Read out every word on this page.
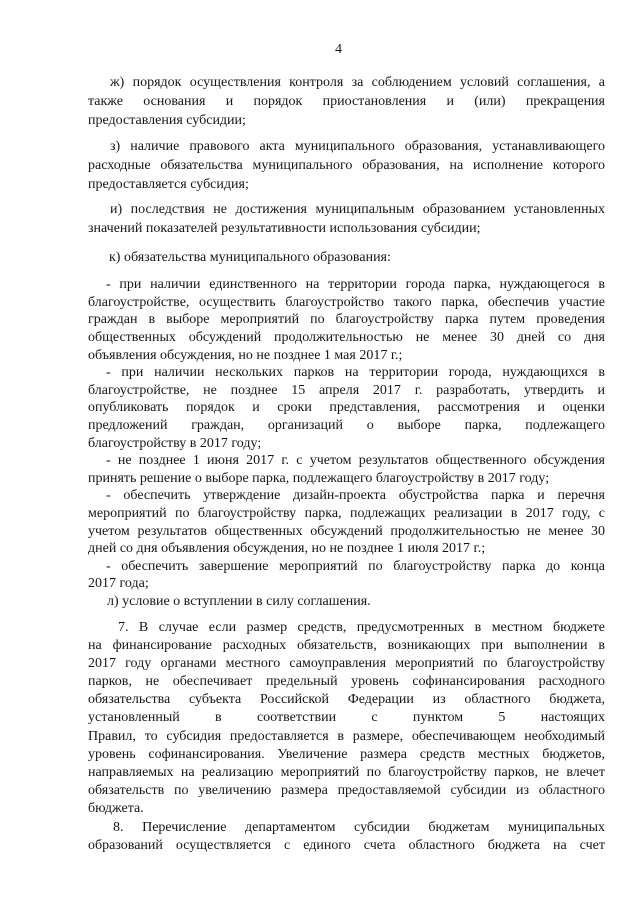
4
ж) порядок осуществления контроля за соблюдением условий соглашения, а
также основания и порядок приостановления и (или) прекращения
предоставления субсидии;
з) наличие правового акта муниципального образования, устанавливающего
расходные обязательства муниципального образования, на исполнение которого
предоставляется субсидия;
и) последствия не достижения муниципальным образованием установленных
значений показателей результативности использования субсидии;
к) обязательства муниципального образования:
- при наличии единственного на территории города парка, нуждающегося в
благоустройстве, осуществить благоустройство такого парка, обеспечив участие
граждан в выборе мероприятий по благоустройству парка путем проведения
общественных обсуждений продолжительностью не менее 30 дней со дня
объявления обсуждения, но не позднее 1 мая 2017 г.;
- при наличии нескольких парков на территории города, нуждающихся в
благоустройстве, не позднее 15 апреля 2017 г. разработать, утвердить и
опубликовать порядок и сроки представления, рассмотрения и оценки
предложений граждан, организаций о выборе парка, подлежащего
благоустройству в 2017 году;
- не позднее 1 июня 2017 г. с учетом результатов общественного обсуждения
принять решение о выборе парка, подлежащего благоустройству в 2017 году;
- обеспечить утверждение дизайн-проекта обустройства парка и перечня
мероприятий по благоустройству парка, подлежащих реализации в 2017 году, с
учетом результатов общественных обсуждений продолжительностью не менее 30
дней со дня объявления обсуждения, но не позднее 1 июля 2017 г.;
- обеспечить завершение мероприятий по благоустройству парка до конца
2017 года;
л) условие о вступлении в силу соглашения.
7. В случае если размер средств, предусмотренных в местном бюджете
на финансирование расходных обязательств, возникающих при выполнении в
2017 году органами местного самоуправления мероприятий по благоустройству
парков, не обеспечивает предельный уровень софинансирования расходного
обязательства субъекта Российской Федерации из областного бюджета,
установленный в соответствии с пунктом 5 настоящих
Правил, то субсидия предоставляется в размере, обеспечивающем необходимый
уровень софинансирования. Увеличение размера средств местных бюджетов,
направляемых на реализацию мероприятий по благоустройству парков, не влечет
обязательств по увеличению размера предоставляемой субсидии из областного
бюджета.
8. Перечисление департаментом субсидии бюджетам муниципальных
образований осуществляется с единого счета областного бюджета на счет
